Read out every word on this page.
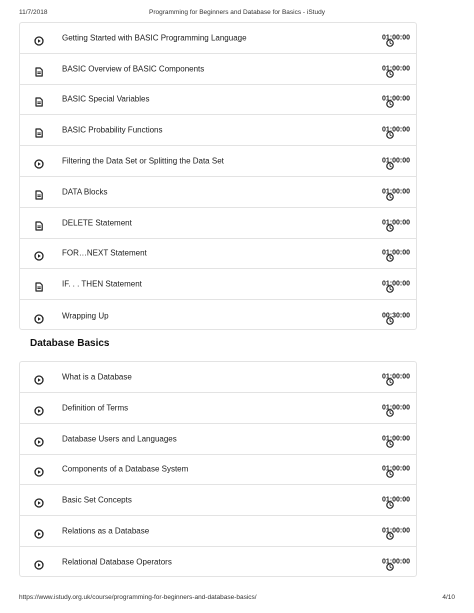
11/7/2018	Programming for Beginners and Database for Basics - iStudy
Getting Started with BASIC Programming Language	01:00:00
BASIC Overview of BASIC Components	01:00:00
BASIC Special Variables	01:00:00
BASIC Probability Functions	01:00:00
Filtering the Data Set or Splitting the Data Set	01:00:00
DATA Blocks	01:00:00
DELETE Statement	01:00:00
FOR…NEXT Statement	01:00:00
IF. . . THEN Statement	01:00:00
Wrapping Up	00:30:00
Database Basics
What is a Database	01:00:00
Definition of Terms	01:00:00
Database Users and Languages	01:00:00
Components of a Database System	01:00:00
Basic Set Concepts	01:00:00
Relations as a Database	01:00:00
Relational Database Operators	01:00:00
https://www.istudy.org.uk/course/programming-for-beginners-and-database-basics/	4/10
